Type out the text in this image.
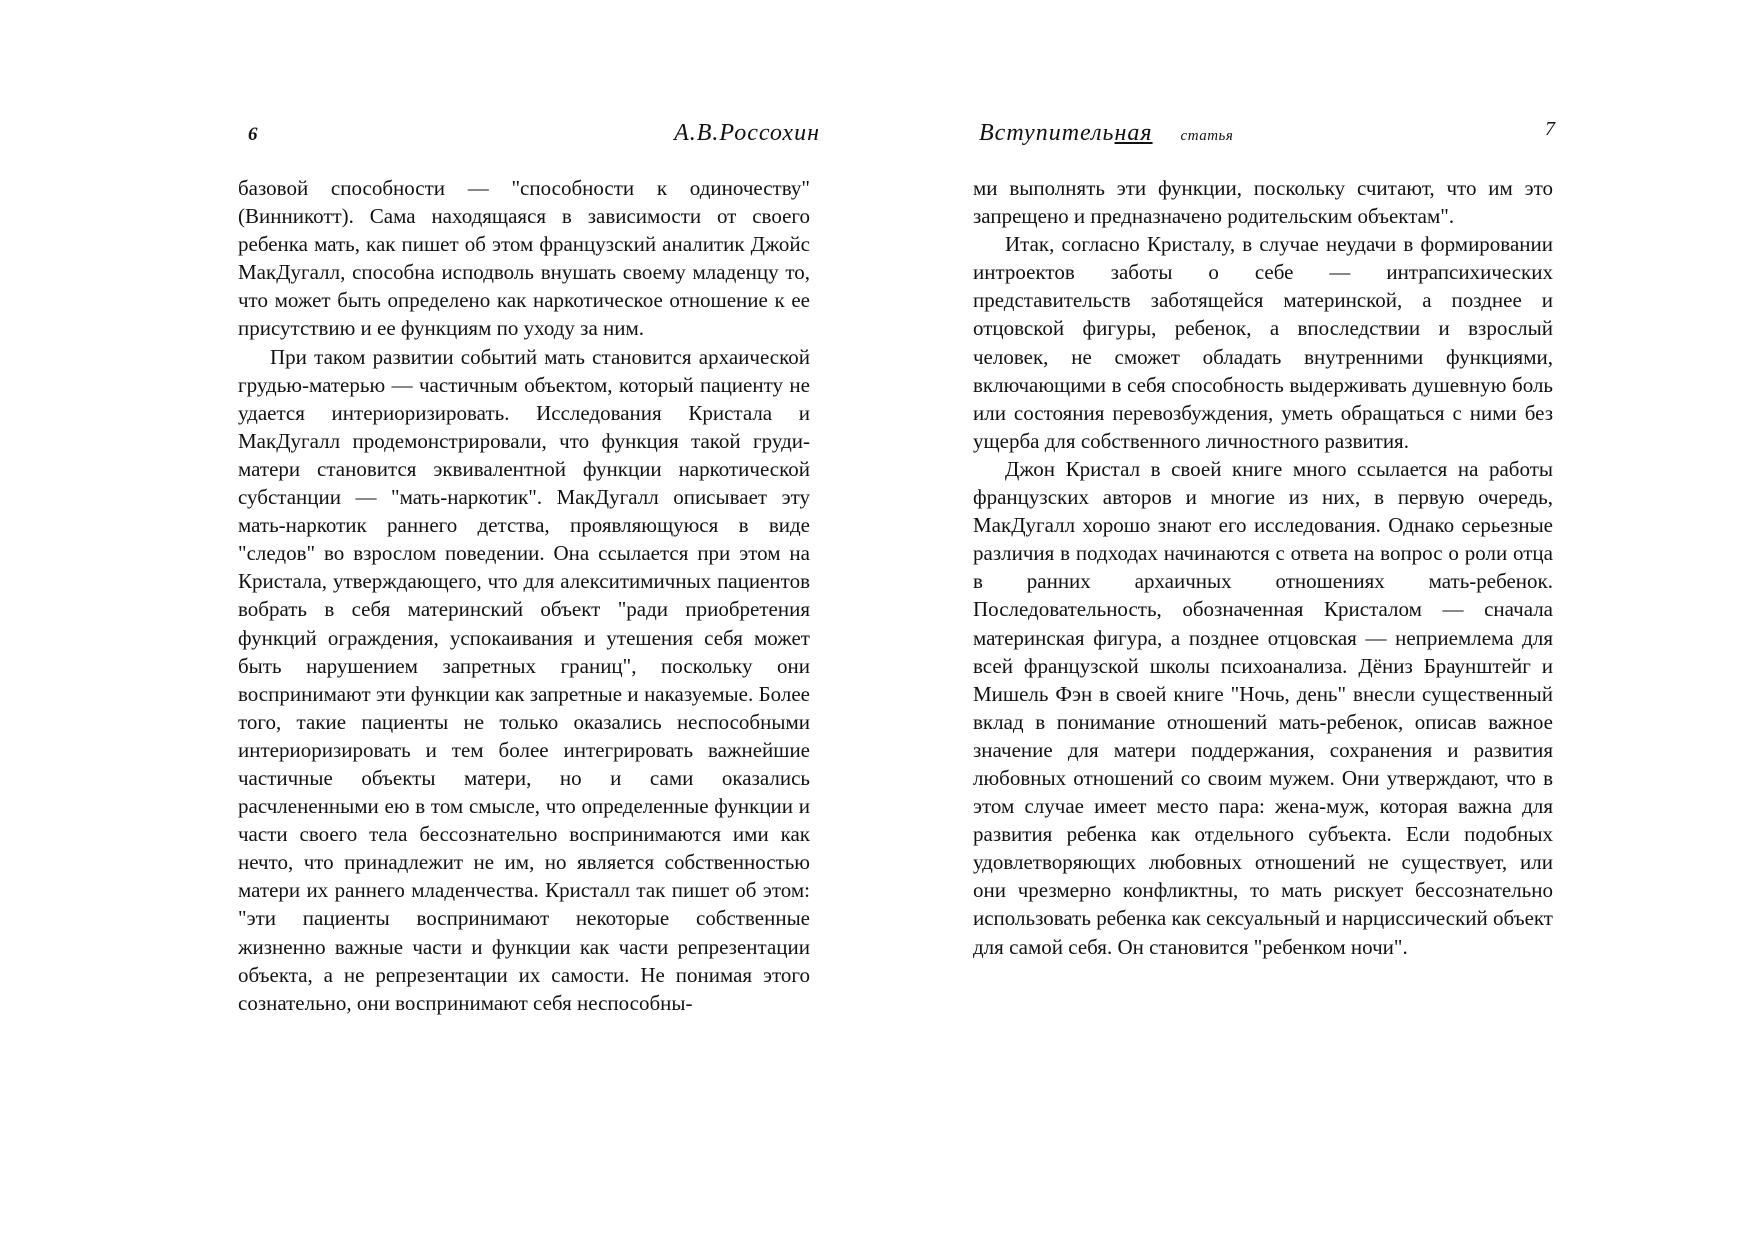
6	А.В.Россохин

базовой способности — "способности к одиночеству" (Винникотт). Сама находящаяся в зависимости от своего ребенка мать, как пишет об этом французский аналитик Джойс МакДугалл, способна исподволь внушать своему младенцу то, что может быть определено как наркотическое отношение к ее присутствию и ее функциям по уходу за ним.

При таком развитии событий мать становится архаической грудью-матерью — частичным объектом, который пациенту не удается интериоризировать. Исследования Кристала и МакДугалл продемонстрировали, что функция такой груди-матери становится эквивалентной функции наркотической субстанции — "мать-наркотик". МакДугалл описывает эту мать-наркотик раннего детства, проявляющуюся в виде "следов" во взрослом поведении. Она ссылается при этом на Кристала, утверждающего, что для алекситимичных пациентов вобрать в себя материнский объект "ради приобретения функций ограждения, успокаивания и утешения себя может быть нарушением запретных границ", поскольку они воспринимают эти функции как запретные и наказуемые. Более того, такие пациенты не только оказались неспособными интериоризировать и тем более интегрировать важнейшие частичные объекты матери, но и сами оказались расчлененными ею в том смысле, что определенные функции и части своего тела бессознательно воспринимаются ими как нечто, что принадлежит не им, но является собственностью матери их раннего младенчества. Кристалл так пишет об этом: "эти пациенты воспринимают некоторые собственные жизненно важные части и функции как части репрезентации объекта, а не репрезентации их самости. Не понимая этого сознательно, они воспринимают себя неспособны-

Вступительная статья	7

ми выполнять эти функции, поскольку считают, что им это запрещено и предназначено родительским объектам".

Итак, согласно Кристалу, в случае неудачи в формировании интроектов заботы о себе — интрапсихических представительств заботящейся материнской, а позднее и отцовской фигуры, ребенок, а впоследствии и взрослый человек, не сможет обладать внутренними функциями, включающими в себя способность выдерживать душевную боль или состояния перевозбуждения, уметь обращаться с ними без ущерба для собственного личностного развития.

Джон Кристал в своей книге много ссылается на работы французских авторов и многие из них, в первую очередь, МакДугалл хорошо знают его исследования. Однако серьезные различия в подходах начинаются с ответа на вопрос о роли отца в ранних архаичных отношениях мать-ребенок. Последовательность, обозначенная Кристалом — сначала материнская фигура, а позднее отцовская — неприемлема для всей французской школы психоанализа. Дёниз Браунштейг и Мишель Фэн в своей книге "Ночь, день" внесли существенный вклад в понимание отношений мать-ребенок, описав важное значение для матери поддержания, сохранения и развития любовных отношений со своим мужем. Они утверждают, что в этом случае имеет место пара: жена-муж, которая важна для развития ребенка как отдельного субъекта. Если подобных удовлетворяющих любовных отношений не существует, или они чрезмерно конфликтны, то мать рискует бессознательно использовать ребенка как сексуальный и нарциссический объект для самой себя. Он становится "ребенком ночи".
